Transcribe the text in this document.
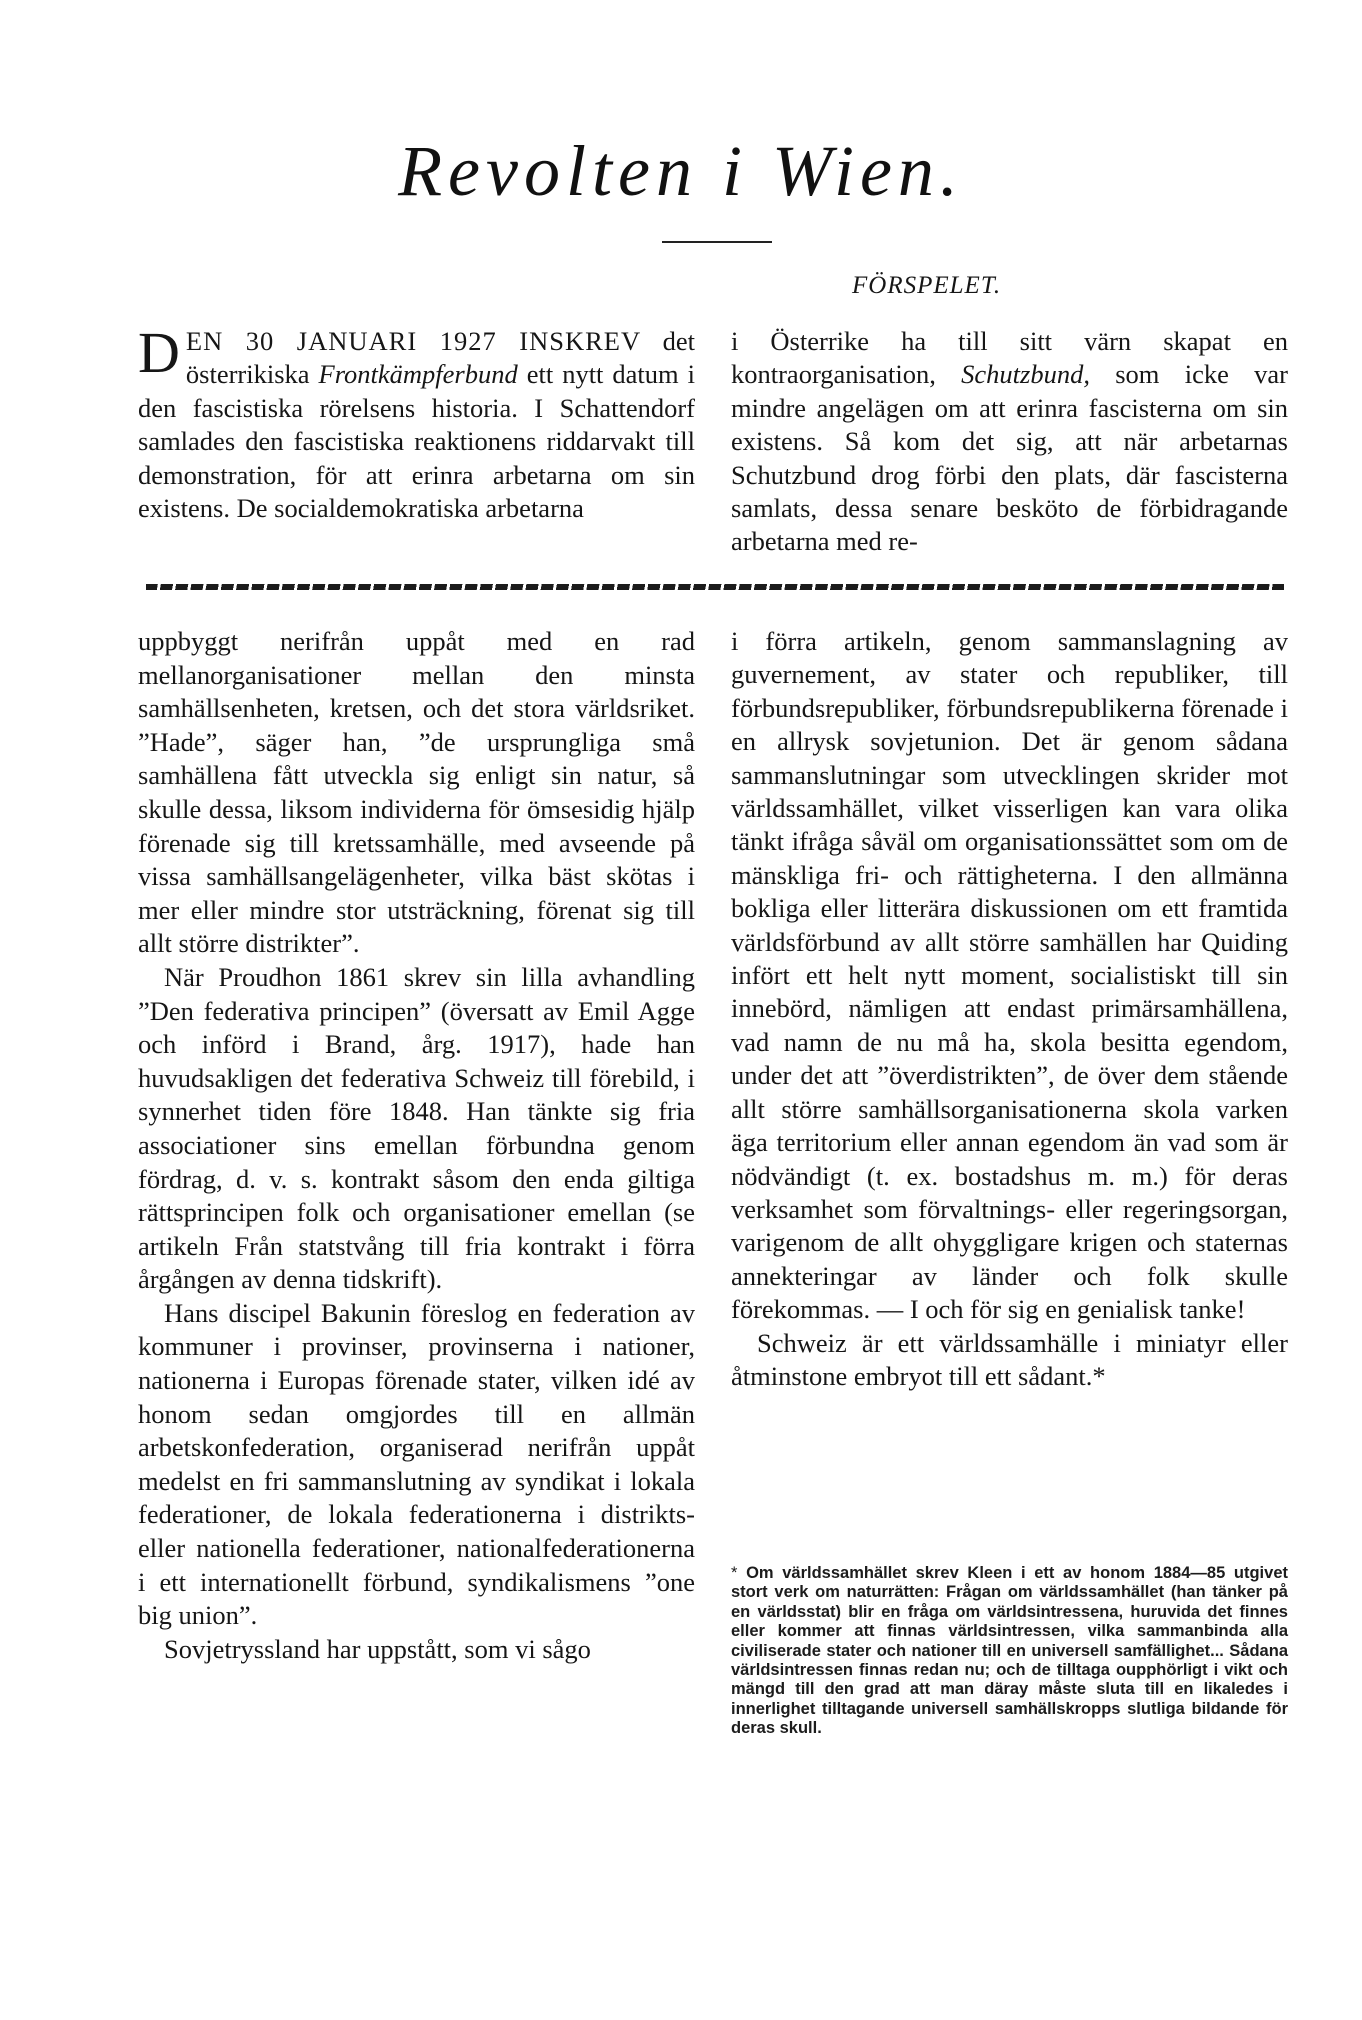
Revolten i Wien.
FÖRSPELET.

D EN 30 JANUARI 1927 INSKREV det österrikiska Frontkämpferbund ett nytt datum i den fascistiska rörelsens historia. I Schattendorf samlades den fascistiska reaktionens riddarvakt till demonstration, för att erinra arbetarna om sin existens. De socialdemokratiska arbetarna

i Österrike ha till sitt värn skapat en kontraorganisation, Schutzbund, som icke var mindre angelägen om att erinra fascisterna om sin existens. Så kom det sig, att när arbetarnas Schutzbund drog förbi den plats, där fascisterna samlats, dessa senare besköto de förbidragande arbetarna med re-

uppbyggt nerifrån uppåt med en rad mellanorganisationer mellan den minsta samhällsenheten, kretsen, och det stora världsriket. ”Hade”, säger han, ”de ursprungliga små samhällena fått utveckla sig enligt sin natur, så skulle dessa, liksom individerna för ömsesidig hjälp förenade sig till kretssamhälle, med avseende på vissa samhällsangelägenheter, vilka bäst skötas i mer eller mindre stor utsträckning, förenat sig till allt större distrikter”.

När Proudhon 1861 skrev sin lilla avhandling ”Den federativa principen” (översatt av Emil Agge och införd i Brand, årg. 1917), hade han huvudsakligen det federativa Schweiz till förebild, i synnerhet tiden före 1848. Han tänkte sig fria associationer sins emellan förbundna genom fördrag, d. v. s. kontrakt såsom den enda giltiga rättsprincipen folk och organisationer emellan (se artikeln Från statstvång till fria kontrakt i förra årgången av denna tidskrift).

Hans discipel Bakunin föreslog en federation av kommuner i provinser, provinserna i nationer, nationerna i Europas förenade stater, vilken idé av honom sedan omgjordes till en allmän arbetskonfederation, organiserad nerifrån uppåt medelst en fri sammanslutning av syndikat i lokala federationer, de lokala federationerna i distrikts- eller nationella federationer, nationalfederationerna i ett internationellt förbund, syndikalismens ”one big union”.

Sovjetryssland har uppstått, som vi sågo

i förra artikeln, genom sammanslagning av guvernement, av stater och republiker, till förbundsrepubliker, förbundsrepublikerna förenade i en allrysk sovjetunion. Det är genom sådana sammanslutningar som utvecklingen skrider mot världssamhället, vilket visserligen kan vara olika tänkt ifråga såväl om organisationssättet som om de mänskliga fri- och rättigheterna. I den allmänna bokliga eller litterära diskussionen om ett framtida världsförbund av allt större samhällen har Quiding infört ett helt nytt moment, socialistiskt till sin innebörd, nämligen att endast primärsamhällena, vad namn de nu må ha, skola besitta egendom, under det att ”överdistrikten”, de över dem stående allt större samhällsorganisationerna skola varken äga territorium eller annan egendom än vad som är nödvändigt (t. ex. bostadshus m. m.) för deras verksamhet som förvaltnings- eller regeringsorgan, varigenom de allt ohyggligare krigen och staternas annekteringar av länder och folk skulle förekommas. — I och för sig en genialisk tanke!

Schweiz är ett världssamhälle i miniatyr eller åtminstone embryot till ett sådant.*

* Om världssamhället skrev Kleen i ett av honom 1884—85 utgivet stort verk om naturrätten: Frågan om världssamhället (han tänker på en världsstat) blir en fråga om världsintressena, huruvida det finnes eller kommer att finnas världsintressen, vilka sammanbinda alla civiliserade stater och nationer till en universell samfällighet... Sådana världsintressen finnas redan nu; och de tilltaga oupphörligt i vikt och mängd till den grad att man däray måste sluta till en likaledes i innerlighet tilltagande universell samhällskropps slutliga bildande för deras skull.
